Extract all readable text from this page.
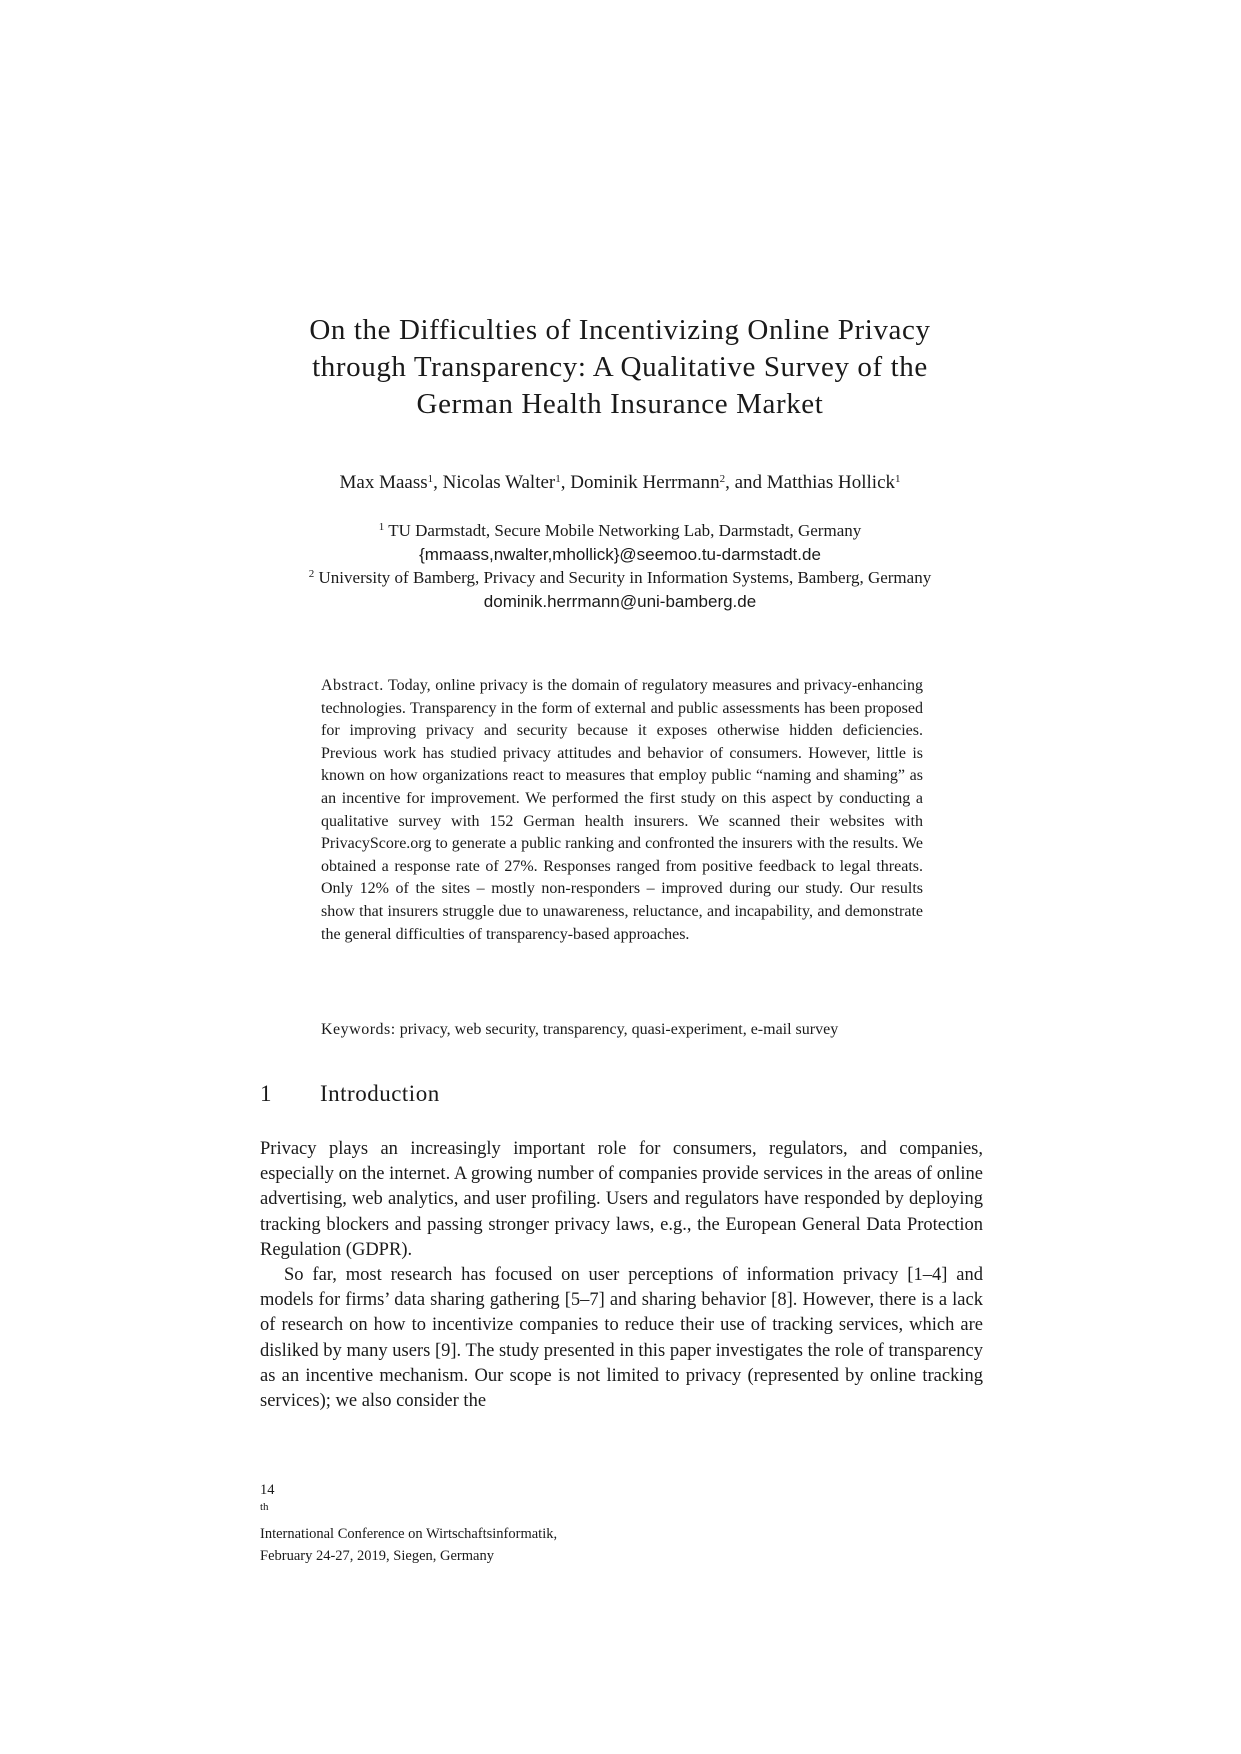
On the Difficulties of Incentivizing Online Privacy
through Transparency: A Qualitative Survey of the
German Health Insurance Market
Max Maass$^1$, Nicolas Walter$^1$, Dominik Herrmann$^2$, and Matthias Hollick$^1$
$^1$ TU Darmstadt, Secure Mobile Networking Lab, Darmstadt, Germany
{mmaass,nwalter,mhollick}@seemoo.tu-darmstadt.de
$^2$ University of Bamberg, Privacy and Security in Information Systems, Bamberg, Germany
dominik.herrmann@uni-bamberg.de
Abstract. Today, online privacy is the domain of regulatory measures and privacy-enhancing technologies. Transparency in the form of external and public assessments has been proposed for improving privacy and security because it exposes otherwise hidden deficiencies. Previous work has studied privacy attitudes and behavior of consumers. However, little is known on how organizations react to measures that employ public “naming and shaming” as an incentive for improvement. We performed the first study on this aspect by conducting a qualitative survey with 152 German health insurers. We scanned their websites with PrivacyScore.org to generate a public ranking and confronted the insurers with the results. We obtained a response rate of 27%. Responses ranged from positive feedback to legal threats. Only 12% of the sites – mostly non-responders – improved during our study. Our results show that insurers struggle due to unawareness, reluctance, and incapability, and demonstrate the general difficulties of transparency-based approaches.
Keywords: privacy, web security, transparency, quasi-experiment, e-mail survey
1 Introduction

Privacy plays an increasingly important role for consumers, regulators, and companies, especially on the internet. A growing number of companies provide services in the areas of online advertising, web analytics, and user profiling. Users and regulators have responded by deploying tracking blockers and passing stronger privacy laws, e.g., the European General Data Protection Regulation (GDPR).

So far, most research has focused on user perceptions of information privacy [1–4] and models for firms’ data sharing gathering [5–7] and sharing behavior [8]. However, there is a lack of research on how to incentivize companies to reduce their use of tracking services, which are disliked by many users [9]. The study presented in this paper investigates the role of transparency as an incentive mechanism. Our scope is not limited to privacy (represented by online tracking services); we also consider the

14
$^{th}$
International Conference on Wirtschaftsinformatik,
February 24-27, 2019, Siegen, Germany
